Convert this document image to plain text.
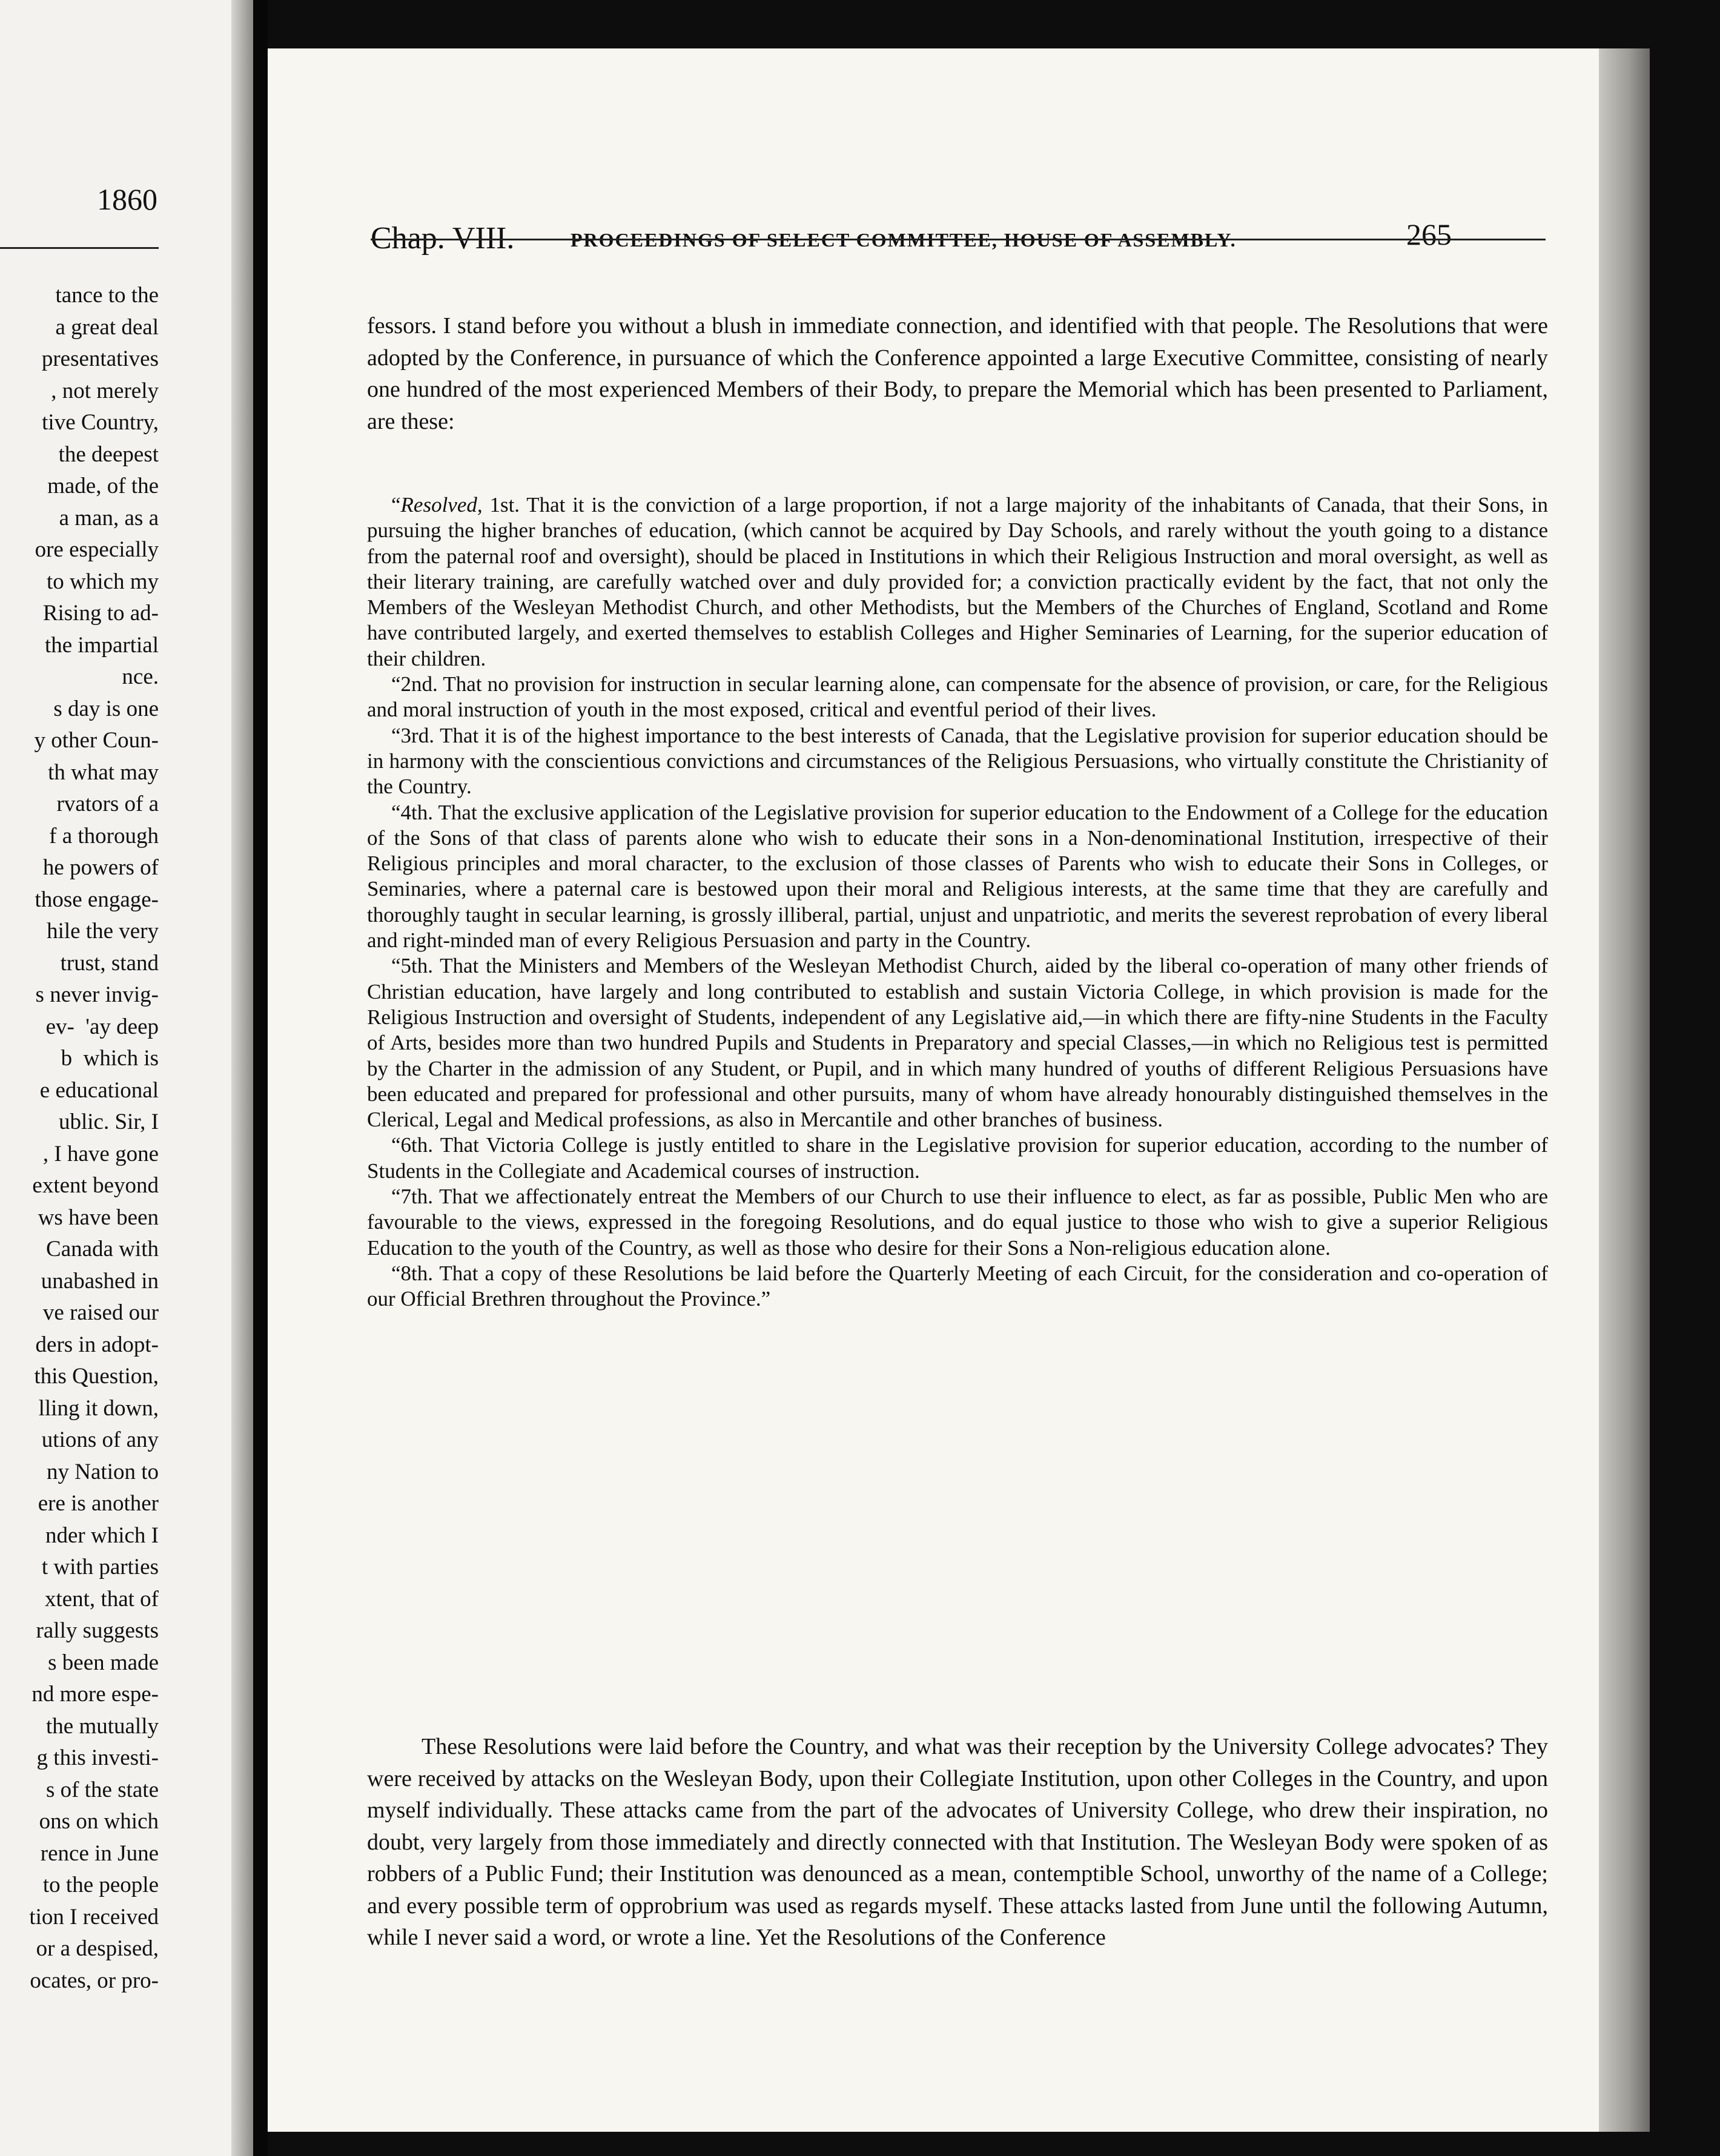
1860
tance to the
a great deal
presentatives
, not merely
tive Country,
the deepest
made, of the
a man, as a
ore especially
to which my
Rising to ad-
the impartial
nce.
s day is one
y other Coun-
th what may
rvators of a
f a thorough
he powers of
those engage-
hile the very
trust, stand
s never invig-
ev-  'ay deep
b  which is
e educational
ublic. Sir, I
, I have gone
extent beyond
ws have been
Canada with
unabashed in
ve raised our
ders in adopt-
this Question,
lling it down,
utions of any
ny Nation to
ere is another
nder which I
t with parties
xtent, that of
rally suggests
s been made
nd more espe-
the mutually
g this investi-
s of the state
ons on which
rence in June
to the people
tion I received
or a despised,
ocates, or pro-
Chap. VIII.	PROCEEDINGS OF SELECT COMMITTEE, HOUSE OF ASSEMBLY.	265

fessors. I stand before you without a blush in immediate connection, and identified with that people. The Resolutions that were adopted by the Conference, in pursuance of which the Conference appointed a large Executive Committee, consisting of nearly one hundred of the most experienced Members of their Body, to prepare the Memorial which has been presented to Parliament, are these:

“Resolved, 1st. That it is the conviction of a large proportion, if not a large majority of the inhabitants of Canada, that their Sons, in pursuing the higher branches of education, (which cannot be acquired by Day Schools, and rarely without the youth going to a distance from the paternal roof and oversight), should be placed in Institutions in which their Religious Instruction and moral oversight, as well as their literary training, are carefully watched over and duly provided for; a conviction practically evident by the fact, that not only the Members of the Wesleyan Methodist Church, and other Methodists, but the Members of the Churches of England, Scotland and Rome have contributed largely, and exerted themselves to establish Colleges and Higher Seminaries of Learning, for the superior education of their children.

“2nd. That no provision for instruction in secular learning alone, can compensate for the absence of provision, or care, for the Religious and moral instruction of youth in the most exposed, critical and eventful period of their lives.

“3rd. That it is of the highest importance to the best interests of Canada, that the Legislative provision for superior education should be in harmony with the conscientious convictions and circumstances of the Religious Persuasions, who virtually constitute the Christianity of the Country.

“4th. That the exclusive application of the Legislative provision for superior education to the Endowment of a College for the education of the Sons of that class of parents alone who wish to educate their sons in a Non-denominational Institution, irrespective of their Religious principles and moral character, to the exclusion of those classes of Parents who wish to educate their Sons in Colleges, or Seminaries, where a paternal care is bestowed upon their moral and Religious interests, at the same time that they are carefully and thoroughly taught in secular learning, is grossly illiberal, partial, unjust and unpatriotic, and merits the severest reprobation of every liberal and right-minded man of every Religious Persuasion and party in the Country.

“5th. That the Ministers and Members of the Wesleyan Methodist Church, aided by the liberal co-operation of many other friends of Christian education, have largely and long contributed to establish and sustain Victoria College, in which provision is made for the Religious Instruction and oversight of Students, independent of any Legislative aid,—in which there are fifty-nine Students in the Faculty of Arts, besides more than two hundred Pupils and Students in Preparatory and special Classes,—in which no Religious test is permitted by the Charter in the admission of any Student, or Pupil, and in which many hundred of youths of different Religious Persuasions have been educated and prepared for professional and other pursuits, many of whom have already honourably distinguished themselves in the Clerical, Legal and Medical professions, as also in Mercantile and other branches of business.

“6th. That Victoria College is justly entitled to share in the Legislative provision for superior education, according to the number of Students in the Collegiate and Academical courses of instruction.

“7th. That we affectionately entreat the Members of our Church to use their influence to elect, as far as possible, Public Men who are favourable to the views, expressed in the foregoing Resolutions, and do equal justice to those who wish to give a superior Religious Education to the youth of the Country, as well as those who desire for their Sons a Non-religious education alone.

“8th. That a copy of these Resolutions be laid before the Quarterly Meeting of each Circuit, for the consideration and co-operation of our Official Brethren throughout the Province.”

These Resolutions were laid before the Country, and what was their reception by the University College advocates? They were received by attacks on the Wesleyan Body, upon their Collegiate Institution, upon other Colleges in the Country, and upon myself individually. These attacks came from the part of the advocates of University College, who drew their inspiration, no doubt, very largely from those immediately and directly connected with that Institution. The Wesleyan Body were spoken of as robbers of a Public Fund; their Institution was denounced as a mean, contemptible School, unworthy of the name of a College; and every possible term of opprobrium was used as regards myself. These attacks lasted from June until the following Autumn, while I never said a word, or wrote a line. Yet the Resolutions of the Conference
